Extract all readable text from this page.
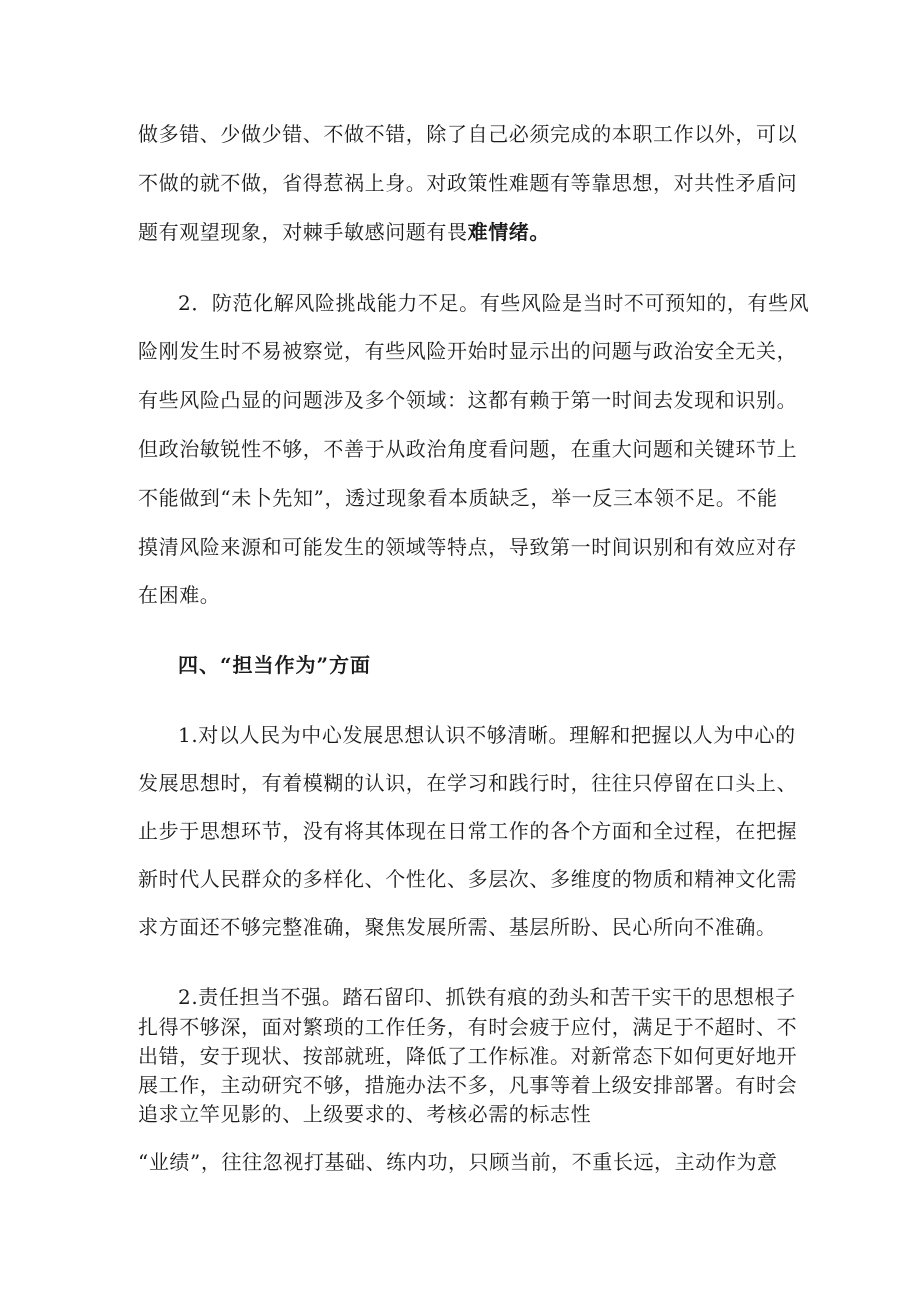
做多错、少做少错、不做不错，除了自己必须完成的本职工作以外，可以
不做的就不做，省得惹祸上身。对政策性难题有等靠思想，对共性矛盾问
题有观望现象，对棘手敏感问题有畏难情绪。
2．防范化解风险挑战能力不足。有些风险是当时不可预知的，有些风
险刚发生时不易被察觉，有些风险开始时显示出的问题与政治安全无关，
有些风险凸显的问题涉及多个领域：这都有赖于第一时间去发现和识别。
但政治敏锐性不够，不善于从政治角度看问题，在重大问题和关键环节上
不能做到“未卜先知”，透过现象看本质缺乏，举一反三本领不足。不能
摸清风险来源和可能发生的领域等特点，导致第一时间识别和有效应对存
在困难。
四、“担当作为”方面
1.对以人民为中心发展思想认识不够清晰。理解和把握以人为中心的
发展思想时，有着模糊的认识，在学习和践行时，往往只停留在口头上、
止步于思想环节，没有将其体现在日常工作的各个方面和全过程，在把握
新时代人民群众的多样化、个性化、多层次、多维度的物质和精神文化需
求方面还不够完整准确，聚焦发展所需、基层所盼、民心所向不准确。
2.责任担当不强。踏石留印、抓铁有痕的劲头和苦干实干的思想根子
扎得不够深，面对繁琐的工作任务，有时会疲于应付，满足于不超时、不
出错，安于现状、按部就班，降低了工作标准。对新常态下如何更好地开
展工作，主动研究不够，措施办法不多，凡事等着上级安排部署。有时会
追求立竿见影的、上级要求的、考核必需的标志性
“业绩”，往往忽视打基础、练内功，只顾当前，不重长远，主动作为意
